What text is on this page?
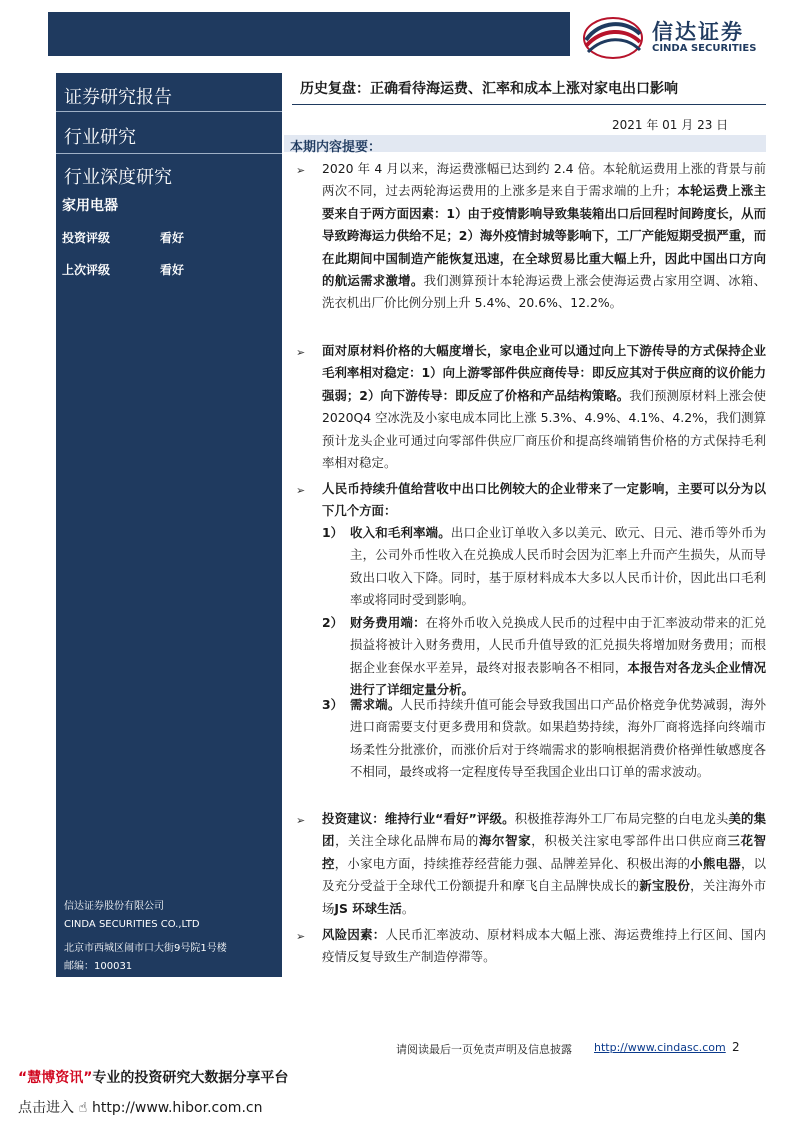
信达证券
CINDA SECURITIES
证券研究报告
行业研究
行业深度研究
家用电器
投资评级	看好
上次评级	看好
信达证券股份有限公司
CINDA SECURITIES CO.,LTD
北京市西城区闹市口大街9号院1号楼
邮编：100031
历史复盘：正确看待海运费、汇率和成本上涨对家电出口影响
2021 年 01 月 23 日
本期内容提要：
➢ 2020 年 4 月以来，海运费涨幅已达到约 2.4 倍。本轮航运费用上涨的背景与前两次不同，过去两轮海运费用的上涨多是来自于需求端的上升；本轮运费上涨主要来自于两方面因素：1）由于疫情影响导致集装箱出口后回程时间跨度长，从而导致跨海运力供给不足；2）海外疫情封城等影响下，工厂产能短期受损严重，而在此期间中国制造产能恢复迅速，在全球贸易比重大幅上升，因此中国出口方向的航运需求激增。我们测算预计本轮海运费上涨会使海运费占家用空调、冰箱、洗衣机出厂价比例分别上升 5.4%、20.6%、12.2%。
➢ 面对原材料价格的大幅度增长，家电企业可以通过向上下游传导的方式保持企业毛利率相对稳定：1）向上游零部件供应商传导：即反应其对于供应商的议价能力强弱；2）向下游传导：即反应了价格和产品结构策略。我们预测原材料上涨会使 2020Q4 空冰洗及小家电成本同比上涨 5.3%、4.9%、4.1%、4.2%，我们测算预计龙头企业可通过向零部件供应厂商压价和提高终端销售价格的方式保持毛利率相对稳定。
➢ 人民币持续升值给营收中出口比例较大的企业带来了一定影响，主要可以分为以下几个方面：
1） 收入和毛利率端。出口企业订单收入多以美元、欧元、日元、港币等外币为主，公司外币性收入在兑换成人民币时会因为汇率上升而产生损失，从而导致出口收入下降。同时，基于原材料成本大多以人民币计价，因此出口毛利率或将同时受到影响。
2） 财务费用端：在将外币收入兑换成人民币的过程中由于汇率波动带来的汇兑损益将被计入财务费用，人民币升值导致的汇兑损失将增加财务费用；而根据企业套保水平差异，最终对报表影响各不相同，本报告对各龙头企业情况进行了详细定量分析。
3） 需求端。人民币持续升值可能会导致我国出口产品价格竞争优势减弱，海外进口商需要支付更多费用和贷款。如果趋势持续，海外厂商将选择向终端市场柔性分批涨价，而涨价后对于终端需求的影响根据消费价格弹性敏感度各不相同，最终或将一定程度传导至我国企业出口订单的需求波动。
➢ 投资建议：维持行业“看好”评级。积极推荐海外工厂布局完整的白电龙头美的集团，关注全球化品牌布局的海尔智家，积极关注家电零部件出口供应商三花智控，小家电方面，持续推荐经营能力强、品牌差异化、积极出海的小熊电器，以及充分受益于全球代工份额提升和摩飞自主品牌快成长的新宝股份，关注海外市场JS 环球生活。
➢ 风险因素：人民币汇率波动、原材料成本大幅上涨、海运费维持上行区间、国内疫情反复导致生产制造停滞等。
请阅读最后一页免责声明及信息披露 http://www.cindasc.com 2
“慧博资讯”专业的投资研究大数据分享平台
点击进入 ☝ http://www.hibor.com.cn
